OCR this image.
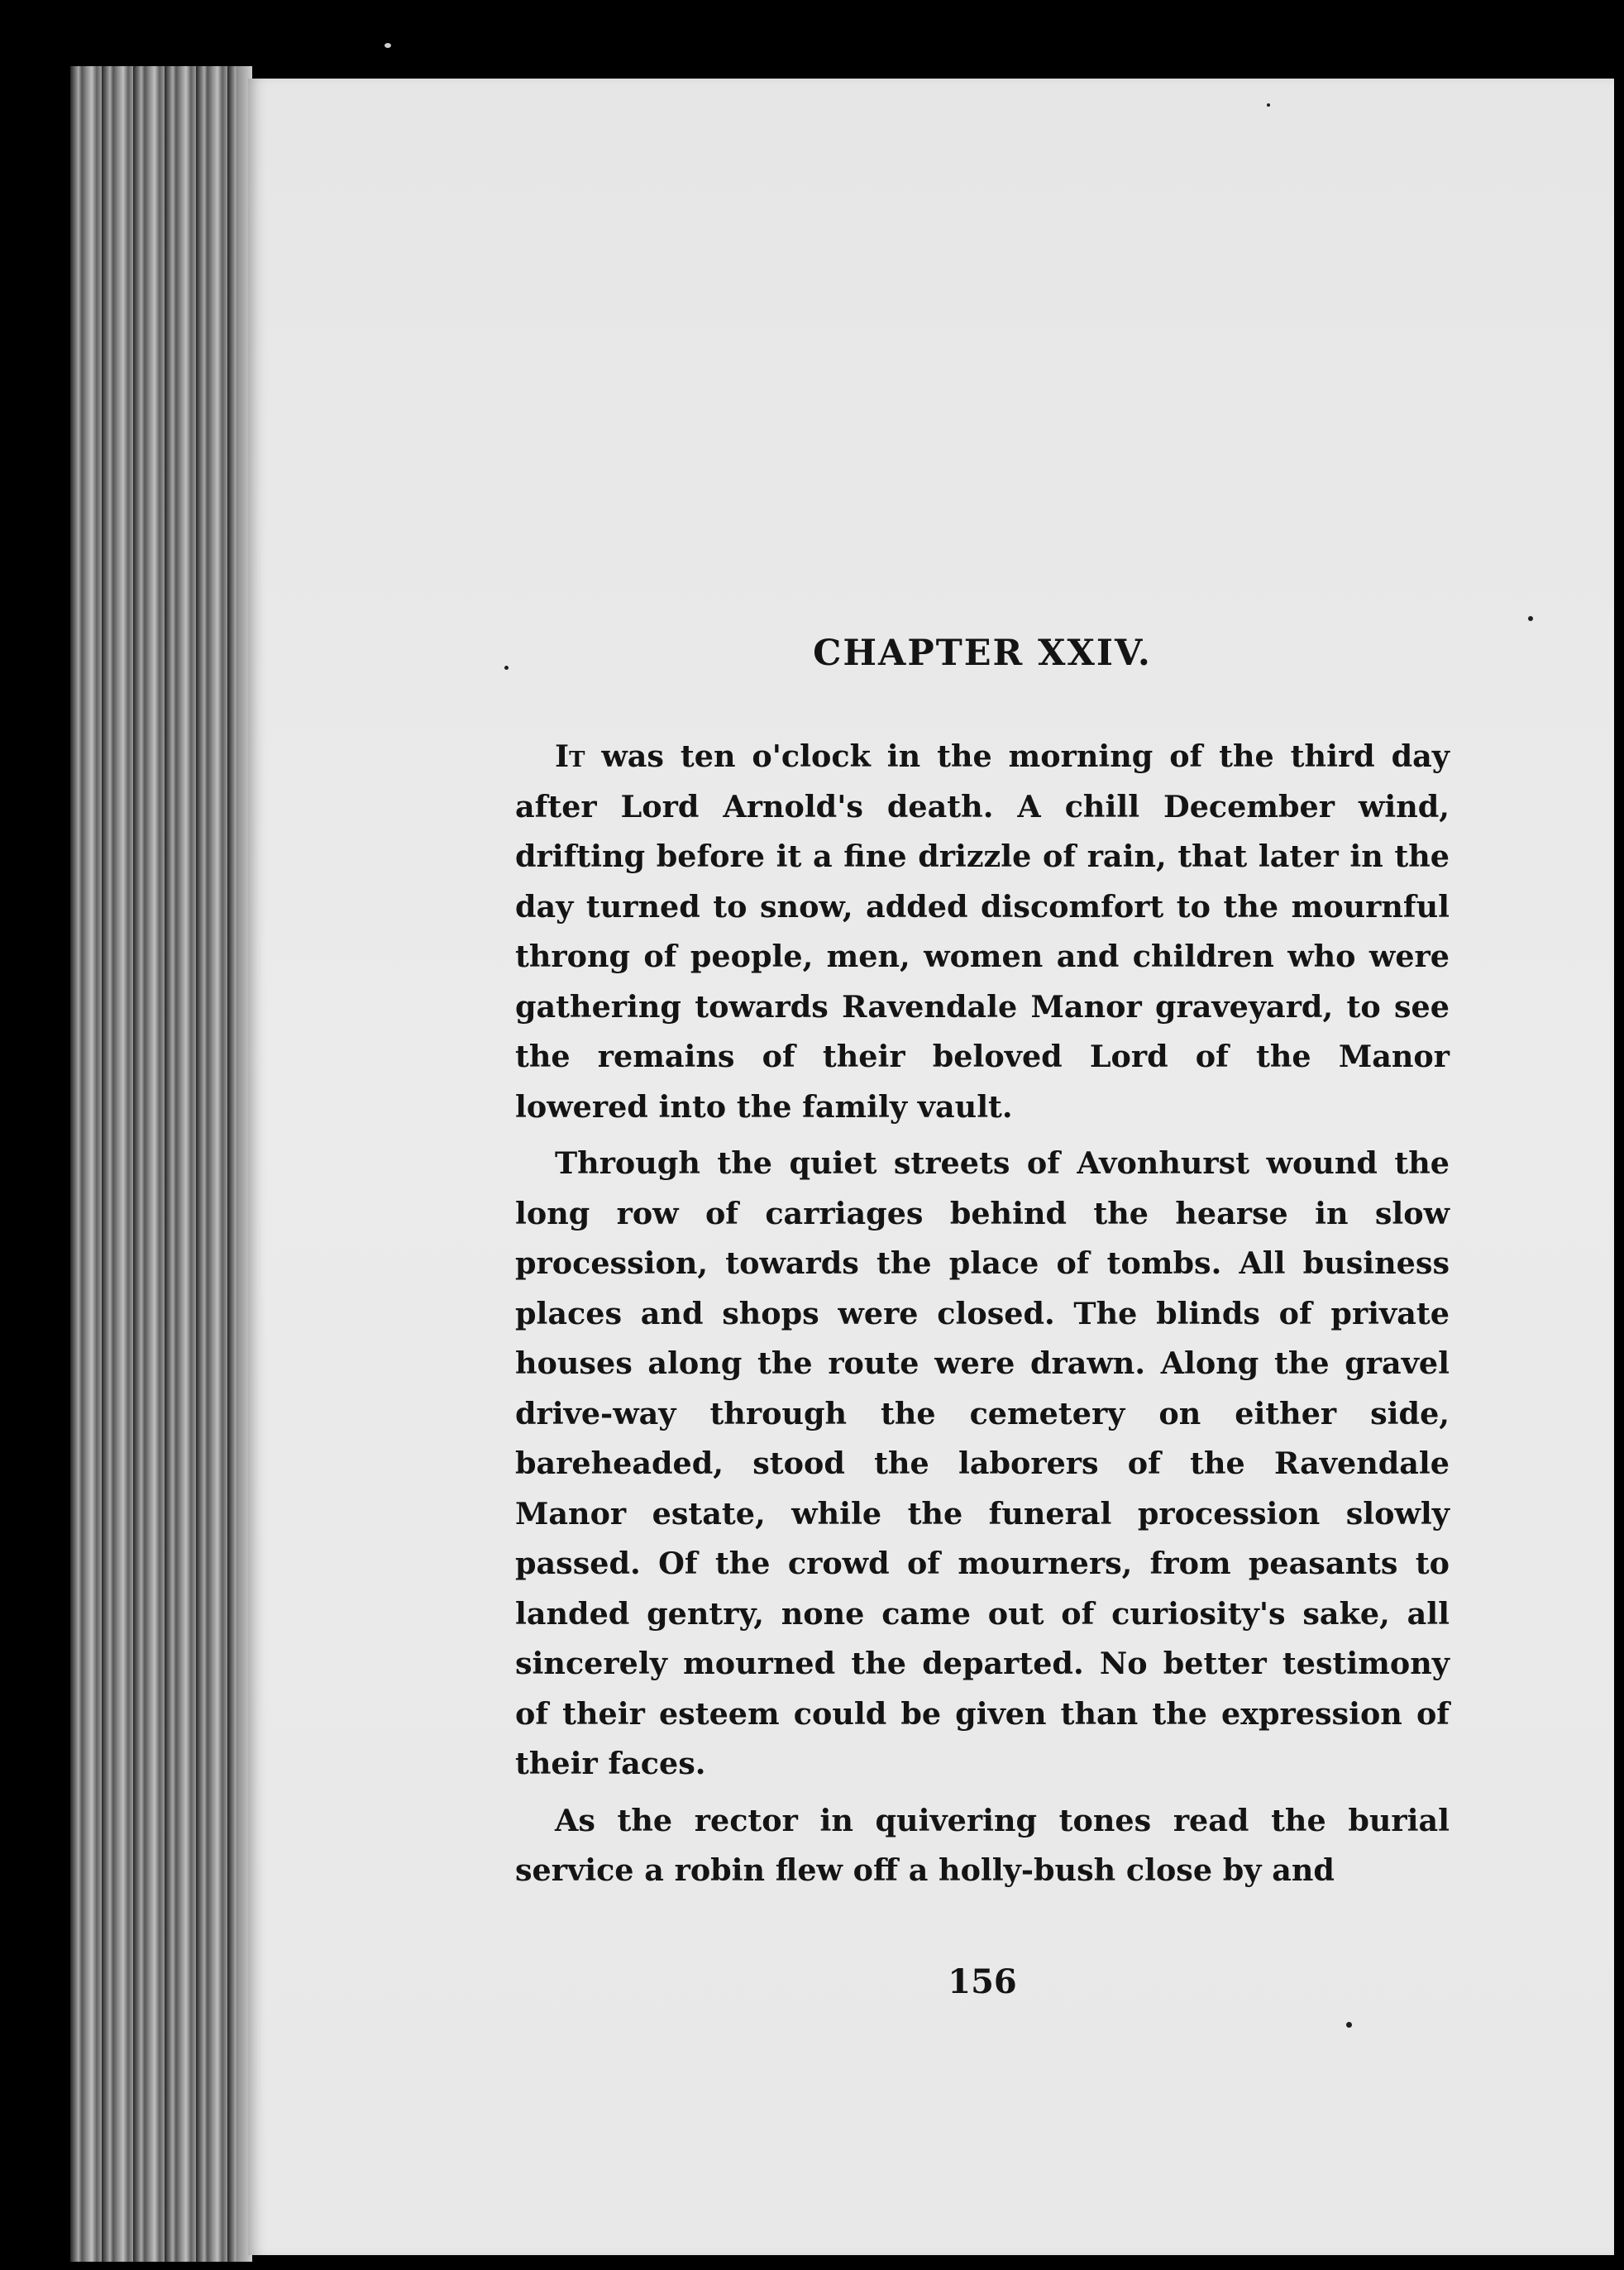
CHAPTER XXIV.

It was ten o'clock in the morning of the third day after Lord Arnold's death. A chill December wind, drifting before it a fine drizzle of rain, that later in the day turned to snow, added discomfort to the mournful throng of people, men, women and children who were gathering towards Ravendale Manor graveyard, to see the remains of their beloved Lord of the Manor lowered into the family vault.

Through the quiet streets of Avonhurst wound the long row of carriages behind the hearse in slow procession, towards the place of tombs. All business places and shops were closed. The blinds of private houses along the route were drawn. Along the gravel drive-way through the cemetery on either side, bareheaded, stood the laborers of the Ravendale Manor estate, while the funeral procession slowly passed. Of the crowd of mourners, from peasants to landed gentry, none came out of curiosity's sake, all sincerely mourned the departed. No better testimony of their esteem could be given than the expression of their faces.

As the rector in quivering tones read the burial service a robin flew off a holly-bush close by and

156
